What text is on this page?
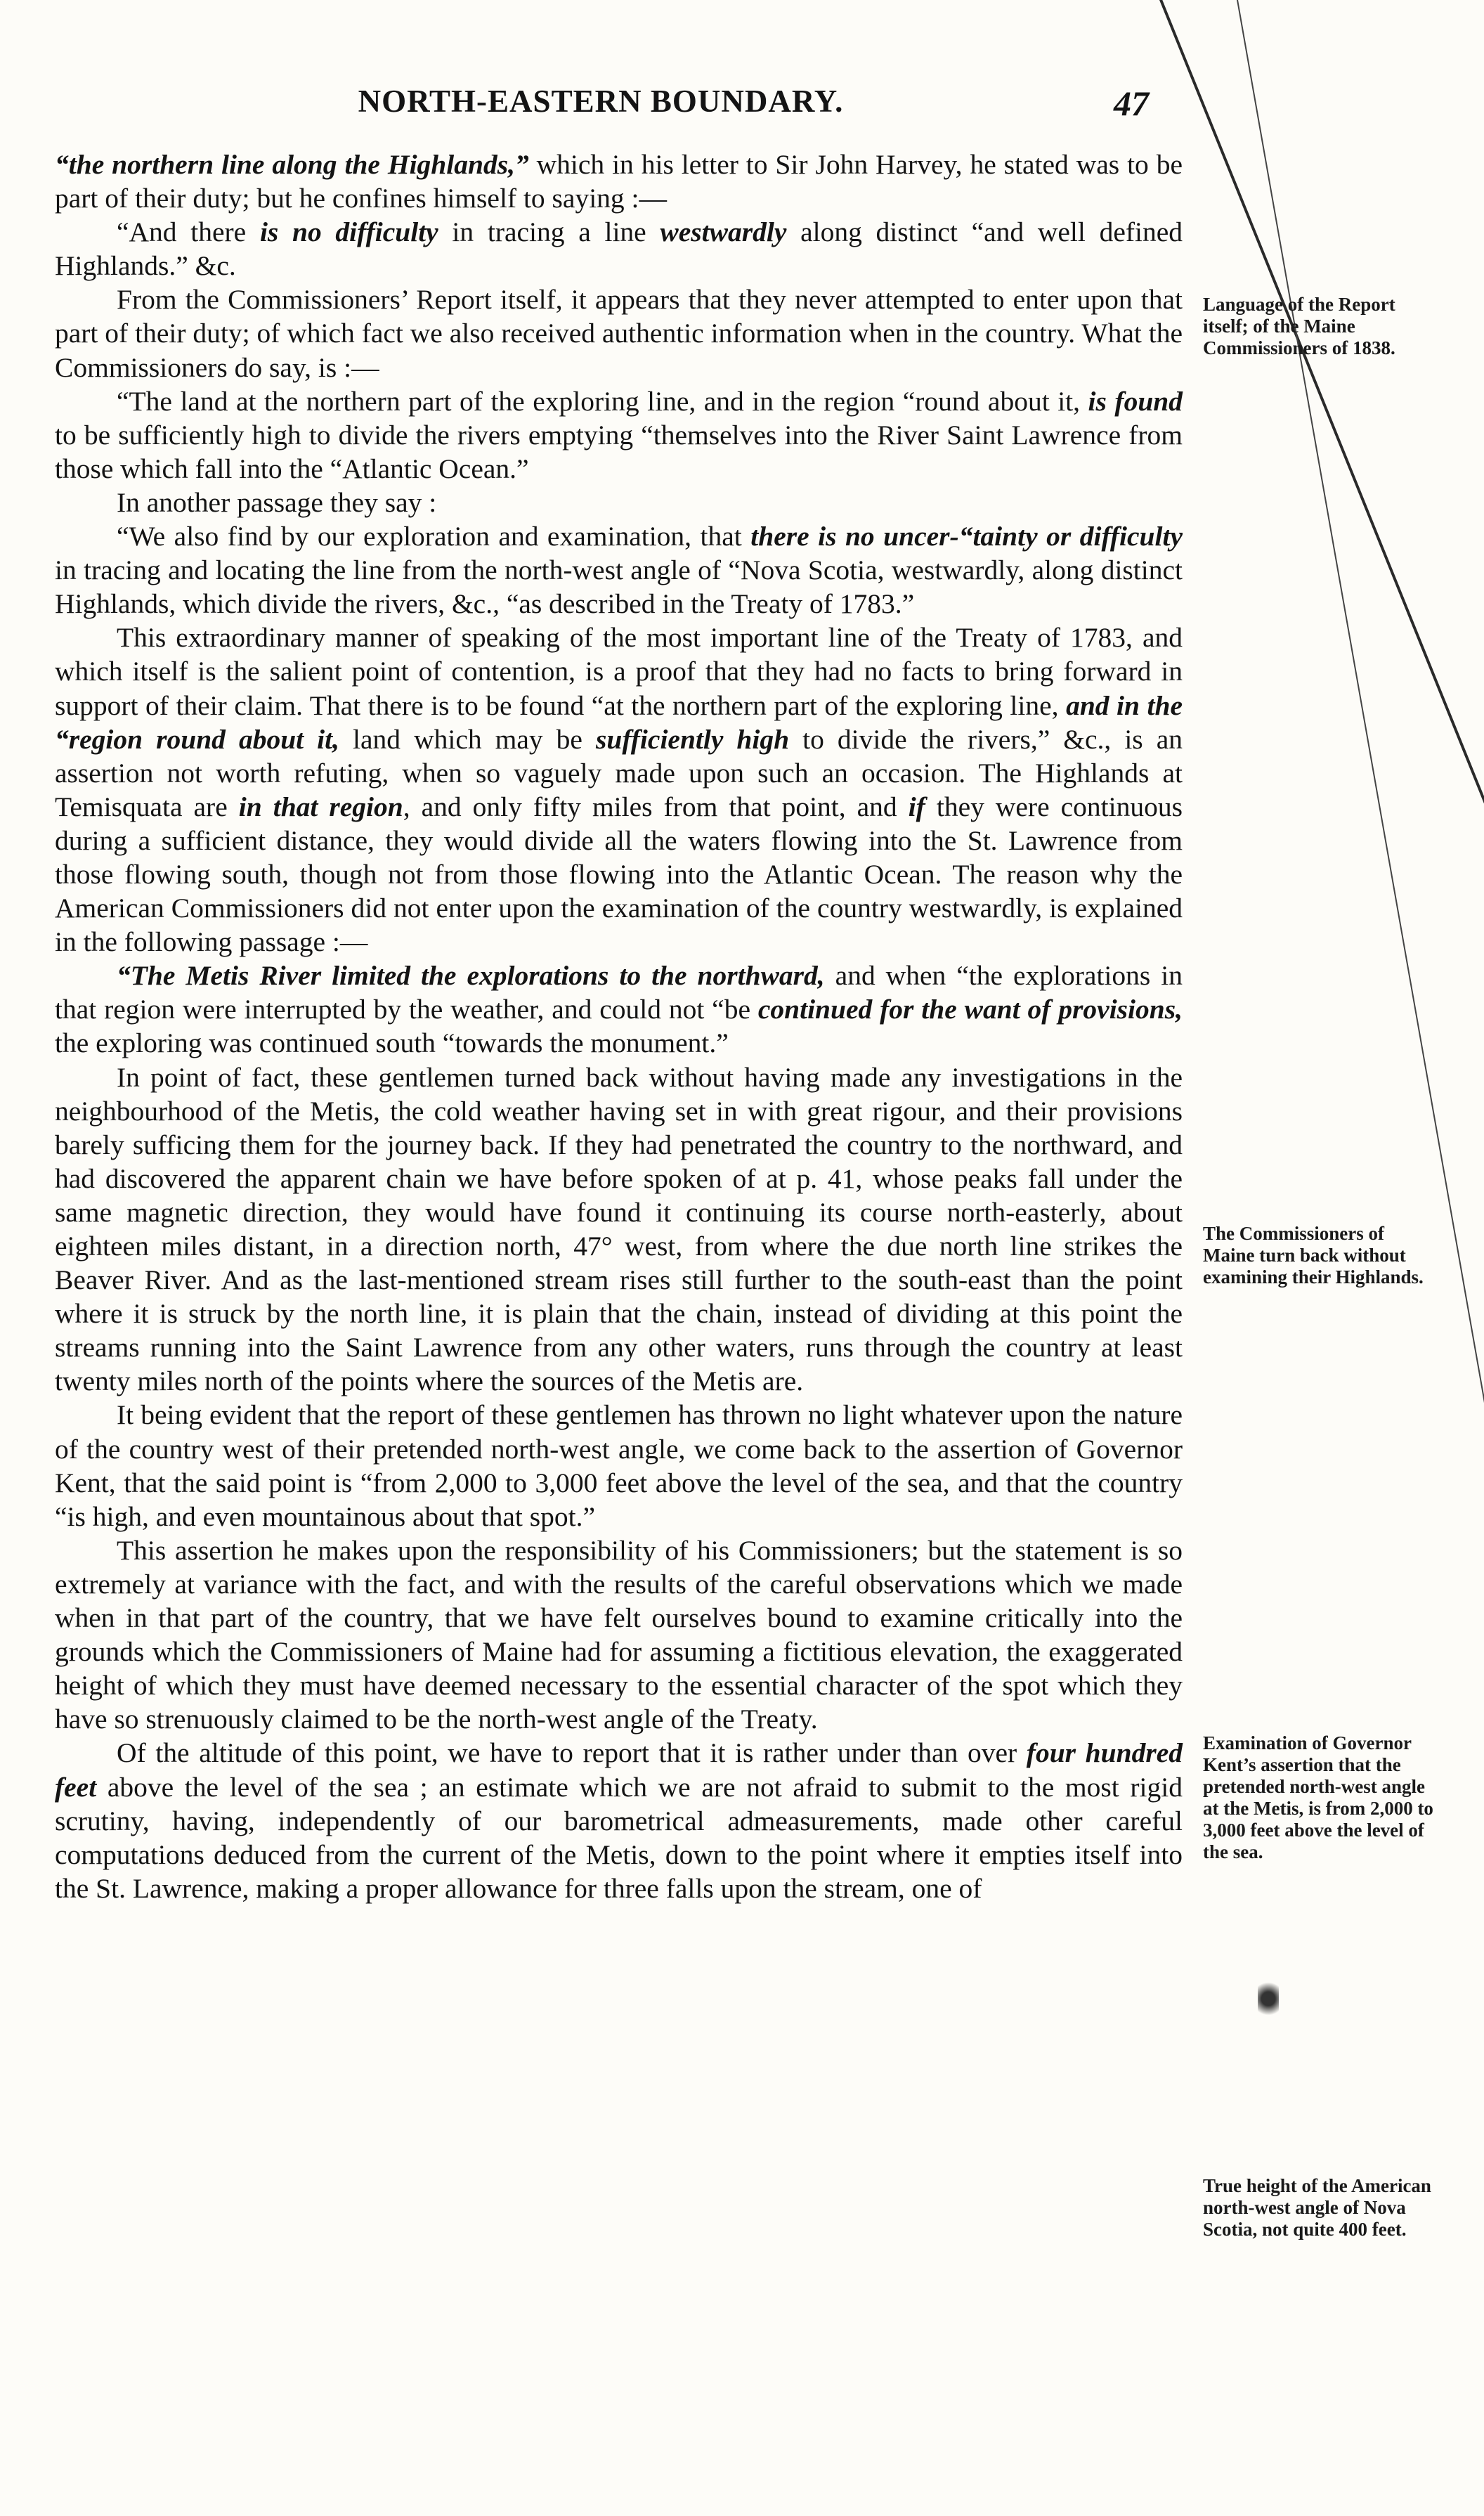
NORTH-EASTERN BOUNDARY.	47

“the northern line along the Highlands,” which in his letter to Sir John Harvey, he stated was to be part of their duty; but he confines himself to saying :—

“And there is no difficulty in tracing a line westwardly along distinct “and well defined Highlands.” &c.

From the Commissioners’ Report itself, it appears that they never attempted to enter upon that part of their duty; of which fact we also received authentic information when in the country. What the Commissioners do say, is :—

“The land at the northern part of the exploring line, and in the region “round about it, is found to be sufficiently high to divide the rivers emptying “themselves into the River Saint Lawrence from those which fall into the “Atlantic Ocean.”

In another passage they say :

“We also find by our exploration and examination, that there is no uncer-“tainty or difficulty in tracing and locating the line from the north-west angle of “Nova Scotia, westwardly, along distinct Highlands, which divide the rivers, &c., “as described in the Treaty of 1783.”

This extraordinary manner of speaking of the most important line of the Treaty of 1783, and which itself is the salient point of contention, is a proof that they had no facts to bring forward in support of their claim. That there is to be found “at the northern part of the exploring line, and in the “region round about it, land which may be sufficiently high to divide the rivers,” &c., is an assertion not worth refuting, when so vaguely made upon such an occasion. The Highlands at Temisquata are in that region, and only fifty miles from that point, and if they were continuous during a sufficient distance, they would divide all the waters flowing into the St. Lawrence from those flowing south, though not from those flowing into the Atlantic Ocean. The reason why the American Commissioners did not enter upon the examination of the country westwardly, is explained in the following passage :—

“The Metis River limited the explorations to the northward, and when “the explorations in that region were interrupted by the weather, and could not “be continued for the want of provisions, the exploring was continued south “towards the monument.”

In point of fact, these gentlemen turned back without having made any investigations in the neighbourhood of the Metis, the cold weather having set in with great rigour, and their provisions barely sufficing them for the journey back. If they had penetrated the country to the northward, and had discovered the apparent chain we have before spoken of at p. 41, whose peaks fall under the same magnetic direction, they would have found it continuing its course north-easterly, about eighteen miles distant, in a direction north, 47° west, from where the due north line strikes the Beaver River. And as the last-mentioned stream rises still further to the south-east than the point where it is struck by the north line, it is plain that the chain, instead of dividing at this point the streams running into the Saint Lawrence from any other waters, runs through the country at least twenty miles north of the points where the sources of the Metis are.

It being evident that the report of these gentlemen has thrown no light whatever upon the nature of the country west of their pretended north-west angle, we come back to the assertion of Governor Kent, that the said point is “from 2,000 to 3,000 feet above the level of the sea, and that the country “is high, and even mountainous about that spot.”

This assertion he makes upon the responsibility of his Commissioners; but the statement is so extremely at variance with the fact, and with the results of the careful observations which we made when in that part of the country, that we have felt ourselves bound to examine critically into the grounds which the Commissioners of Maine had for assuming a fictitious elevation, the exaggerated height of which they must have deemed necessary to the essential character of the spot which they have so strenuously claimed to be the north-west angle of the Treaty.

Of the altitude of this point, we have to report that it is rather under than over four hundred feet above the level of the sea ; an estimate which we are not afraid to submit to the most rigid scrutiny, having, independently of our barometrical admeasurements, made other careful computations deduced from the current of the Metis, down to the point where it empties itself into the St. Lawrence, making a proper allowance for three falls upon the stream, one of

Language of the Report itself; of the Maine Commissioners of 1838.
The Commissioners of Maine turn back without examining their Highlands.
Examination of Governor Kent’s assertion that the pretended north-west angle at the Metis, is from 2,000 to 3,000 feet above the level of the sea.
True height of the American north-west angle of Nova Scotia, not quite 400 feet.
